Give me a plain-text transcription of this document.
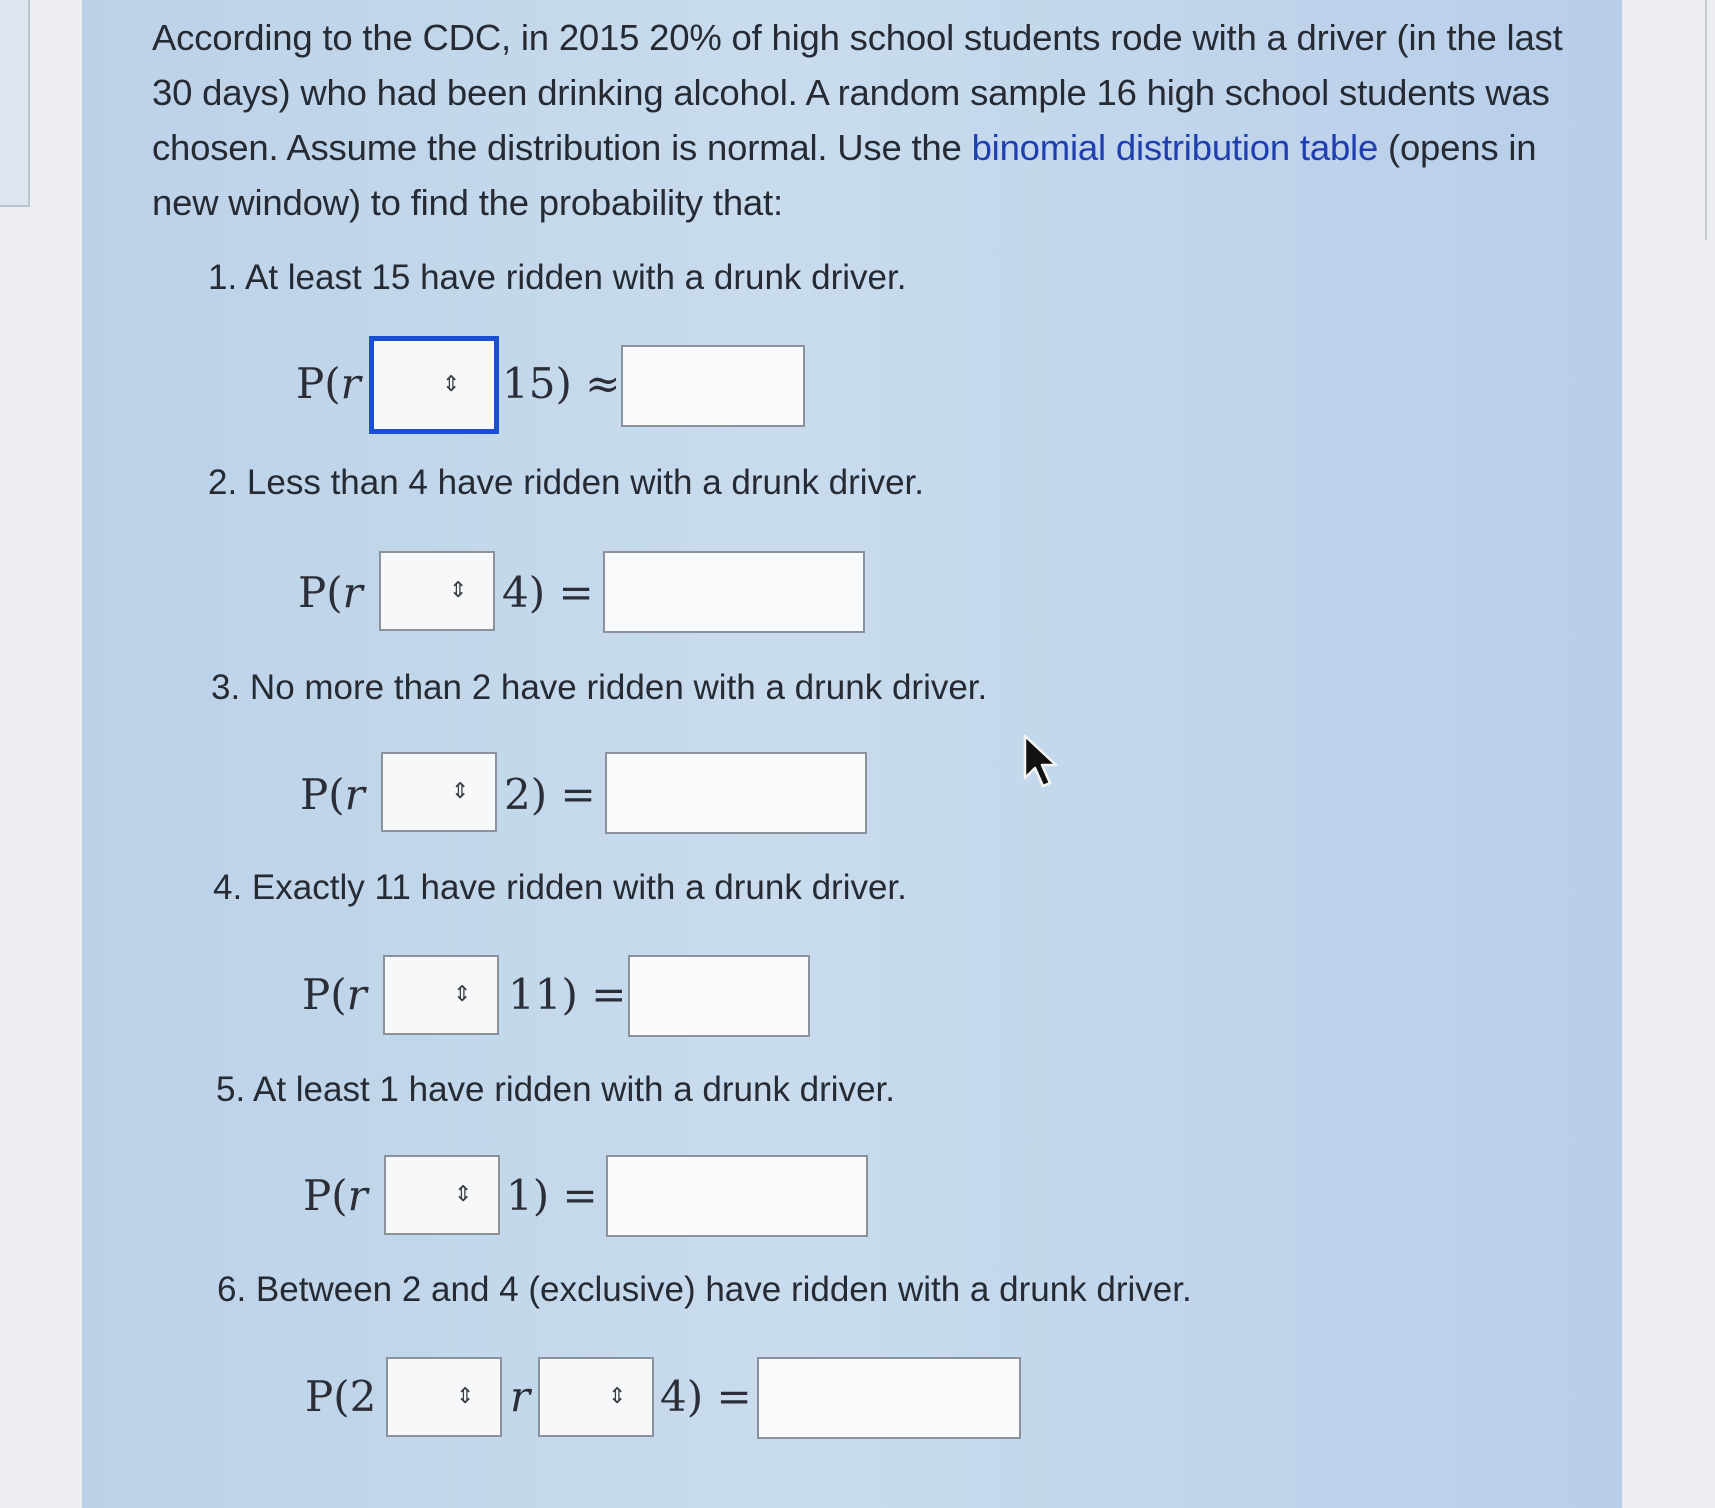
According to the CDC, in 2015 20% of high school students rode with a driver (in the last 30 days) who had been drinking alcohol. A random sample 16 high school students was chosen. Assume the distribution is normal. Use the binomial distribution table (opens in new window) to find the probability that:

1. At least 15 have ridden with a drunk driver.

P(r	⇕ 15) ≈

2. Less than 4 have ridden with a drunk driver.

P(r	⇕ 4) =

3. No more than 2 have ridden with a drunk driver.

P(r	⇕ 2) =

4. Exactly 11 have ridden with a drunk driver.

P(r	⇕ 11) =

5. At least 1 have ridden with a drunk driver.

P(r	⇕ 1) =

6. Between 2 and 4 (exclusive) have ridden with a drunk driver.

P(2	⇕ r	⇕ 4) =
